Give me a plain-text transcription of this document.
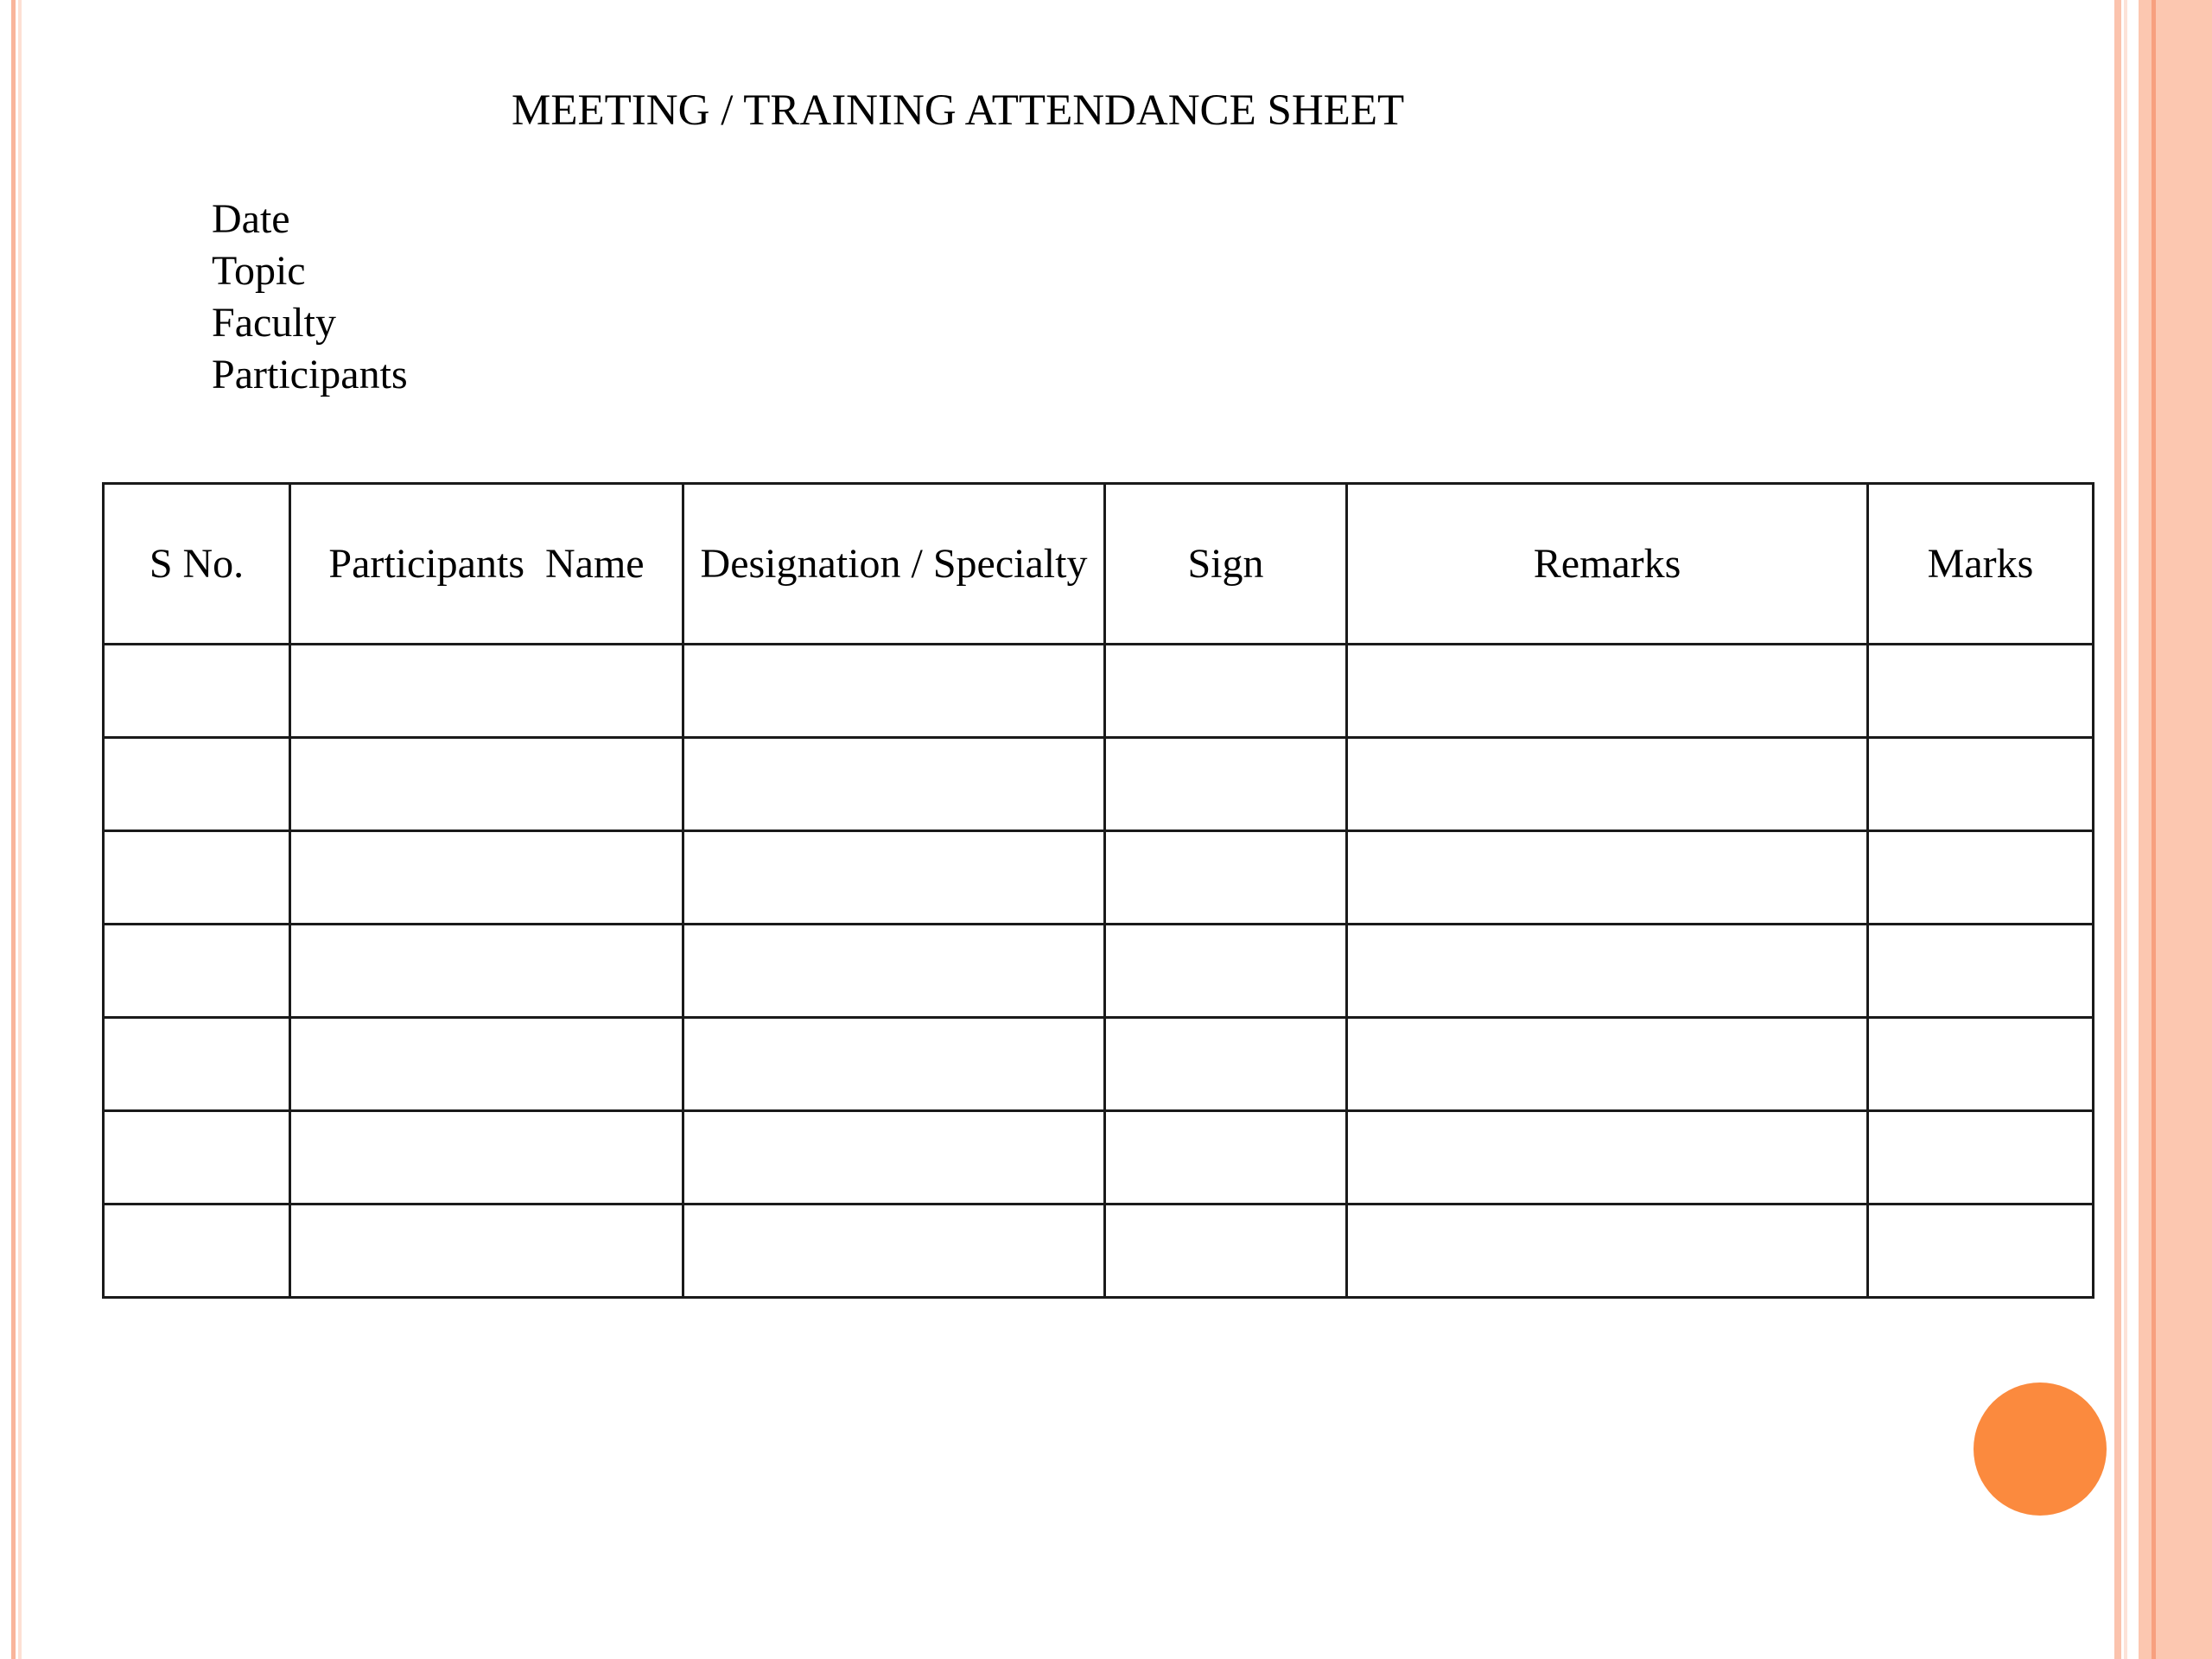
MEETING / TRAINING ATTENDANCE SHEET
Date
Topic
Faculty
Participants
S No.	Participants  Name	Designation / Specialty	Sign	Remarks	Marks
